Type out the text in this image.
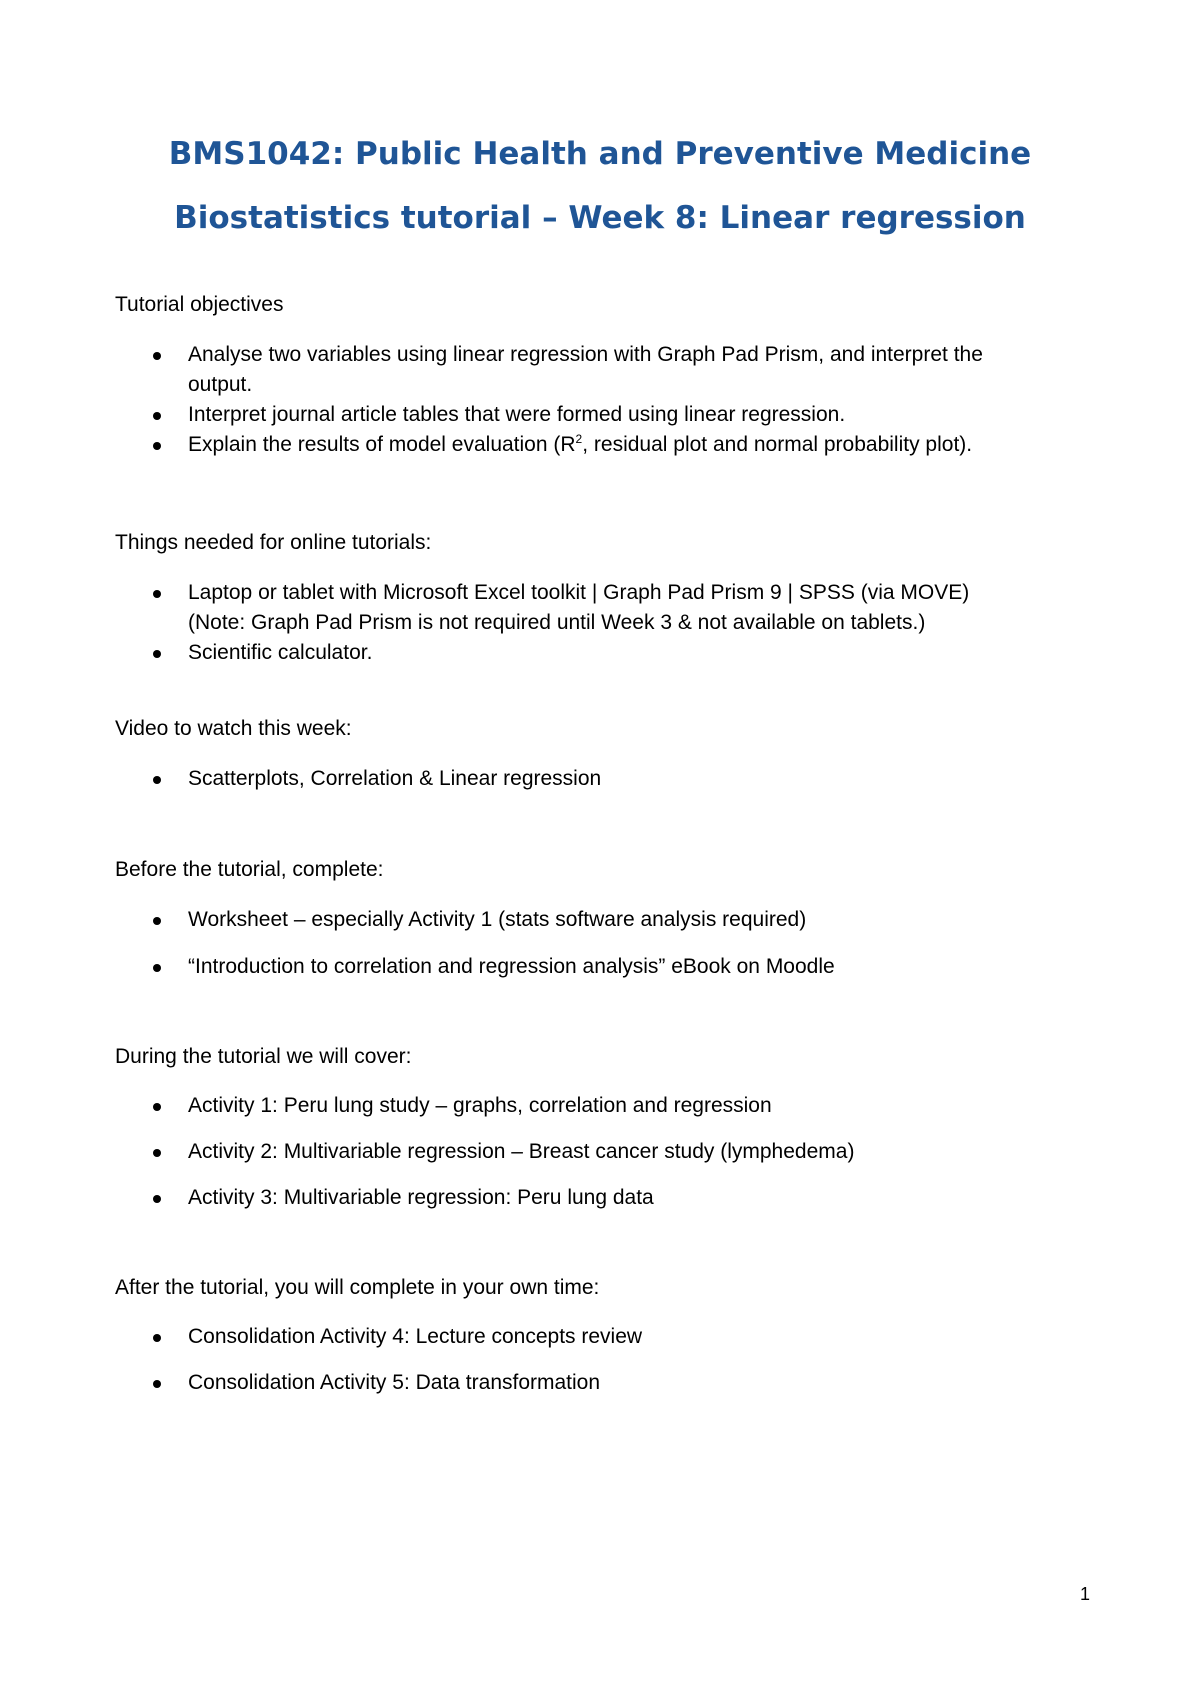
BMS1042: Public Health and Preventive Medicine
Biostatistics tutorial – Week 8: Linear regression

Tutorial objectives

Analyse two variables using linear regression with Graph Pad Prism, and interpret the
output.
Interpret journal article tables that were formed using linear regression.
Explain the results of model evaluation ($R^2$, residual plot and normal probability plot).

Things needed for online tutorials:

Laptop or tablet with Microsoft Excel toolkit | Graph Pad Prism 9 | SPSS (via MOVE)
(Note: Graph Pad Prism is not required until Week 3 & not available on tablets.)
Scientific calculator.

Video to watch this week:

Scatterplots, Correlation & Linear regression

Before the tutorial, complete:

Worksheet – especially Activity 1 (stats software analysis required)
“Introduction to correlation and regression analysis” eBook on Moodle

During the tutorial we will cover:

Activity 1: Peru lung study – graphs, correlation and regression
Activity 2: Multivariable regression – Breast cancer study (lymphedema)
Activity 3: Multivariable regression: Peru lung data

After the tutorial, you will complete in your own time:

Consolidation Activity 4: Lecture concepts review
Consolidation Activity 5: Data transformation

1
